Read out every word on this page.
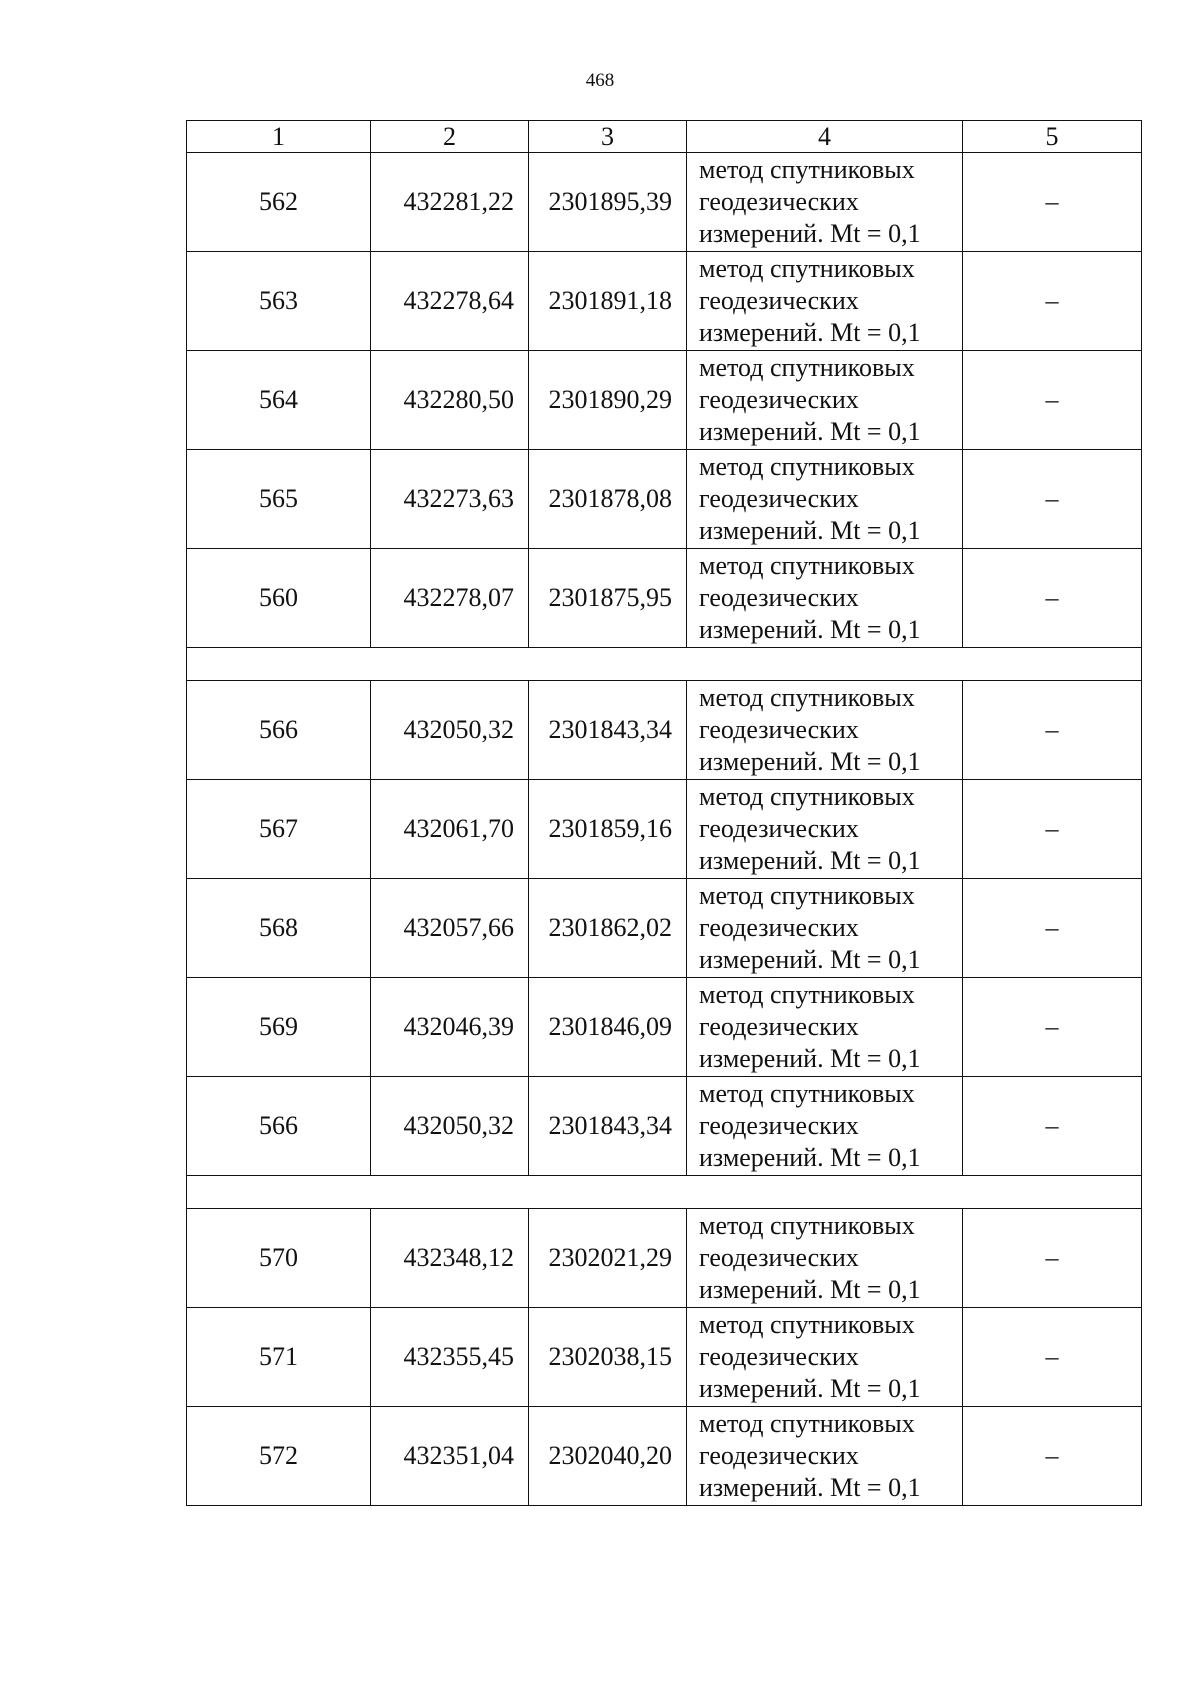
468
1	2	3	4	5
562	432281,22	2301895,39	метод спутниковых
геодезических
измерений. Mt = 0,1	–
563	432278,64	2301891,18	метод спутниковых
геодезических
измерений. Mt = 0,1	–
564	432280,50	2301890,29	метод спутниковых
геодезических
измерений. Mt = 0,1	–
565	432273,63	2301878,08	метод спутниковых
геодезических
измерений. Mt = 0,1	–
560	432278,07	2301875,95	метод спутниковых
геодезических
измерений. Mt = 0,1	–

566	432050,32	2301843,34	метод спутниковых
геодезических
измерений. Mt = 0,1	–
567	432061,70	2301859,16	метод спутниковых
геодезических
измерений. Mt = 0,1	–
568	432057,66	2301862,02	метод спутниковых
геодезических
измерений. Mt = 0,1	–
569	432046,39	2301846,09	метод спутниковых
геодезических
измерений. Mt = 0,1	–
566	432050,32	2301843,34	метод спутниковых
геодезических
измерений. Mt = 0,1	–

570	432348,12	2302021,29	метод спутниковых
геодезических
измерений. Mt = 0,1	–
571	432355,45	2302038,15	метод спутниковых
геодезических
измерений. Mt = 0,1	–
572	432351,04	2302040,20	метод спутниковых
геодезических
измерений. Mt = 0,1	–
